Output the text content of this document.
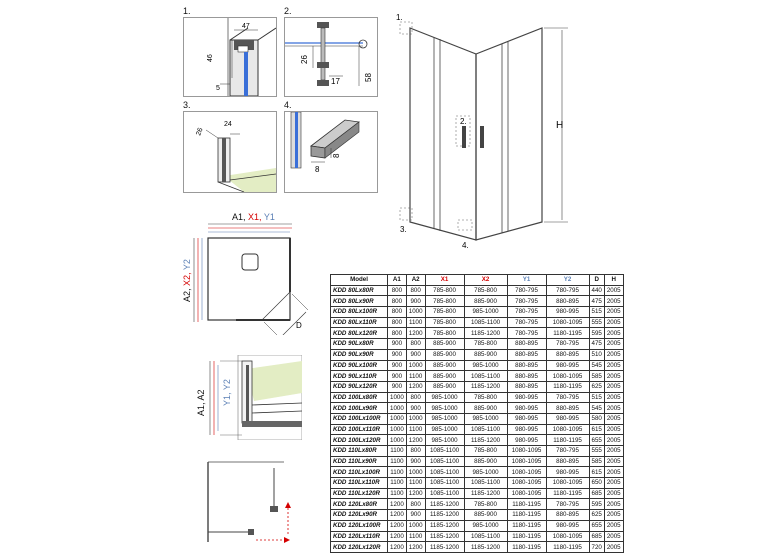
1.
47
46
5
2.
26
17	58
3.
24
26
4.
8
8
H
1.
2.
3.
4.
A1, X1, Y1
A2, X2, Y2
D
A1, A2 Y1, Y2
Model	A1	A2	X1	X2	Y1	Y2	D	H
KDD 80Lx80R	800	800	785-800	785-800	780-795	780-795	440	2005
KDD 80Lx90R	800	900	785-800	885-900	780-795	880-895	475	2005
KDD 80Lx100R	800	1000	785-800	985-1000	780-795	980-995	515	2005
KDD 80Lx110R	800	1100	785-800	1085-1100	780-795	1080-1095	555	2005
KDD 80Lx120R	800	1200	785-800	1185-1200	780-795	1180-1195	595	2005
KDD 90Lx80R	900	800	885-900	785-800	880-895	780-795	475	2005
KDD 90Lx90R	900	900	885-900	885-900	880-895	880-895	510	2005
KDD 90Lx100R	900	1000	885-900	985-1000	880-895	980-995	545	2005
KDD 90Lx110R	900	1100	885-900	1085-1100	880-895	1080-1095	585	2005
KDD 90Lx120R	900	1200	885-900	1185-1200	880-895	1180-1195	625	2005
KDD 100Lx80R	1000	800	985-1000	785-800	980-995	780-795	515	2005
KDD 100Lx90R	1000	900	985-1000	885-900	980-995	880-895	545	2005
KDD 100Lx100R	1000	1000	985-1000	985-1000	980-995	980-995	580	2005
KDD 100Lx110R	1000	1100	985-1000	1085-1100	980-995	1080-1095	615	2005
KDD 100Lx120R	1000	1200	985-1000	1185-1200	980-995	1180-1195	655	2005
KDD 110Lx80R	1100	800	1085-1100	785-800	1080-1095	780-795	555	2005
KDD 110Lx90R	1100	900	1085-1100	885-900	1080-1095	880-895	585	2005
KDD 110Lx100R	1100	1000	1085-1100	985-1000	1080-1095	980-995	615	2005
KDD 110Lx110R	1100	1100	1085-1100	1085-1100	1080-1095	1080-1095	650	2005
KDD 110Lx120R	1100	1200	1085-1100	1185-1200	1080-1095	1180-1195	685	2005
KDD 120Lx80R	1200	800	1185-1200	785-800	1180-1195	780-795	595	2005
KDD 120Lx90R	1200	900	1185-1200	885-900	1180-1195	880-895	625	2005
KDD 120Lx100R	1200	1000	1185-1200	985-1000	1180-1195	980-995	655	2005
KDD 120Lx110R	1200	1100	1185-1200	1085-1100	1180-1195	1080-1095	685	2005
KDD 120Lx120R	1200	1200	1185-1200	1185-1200	1180-1195	1180-1195	720	2005
